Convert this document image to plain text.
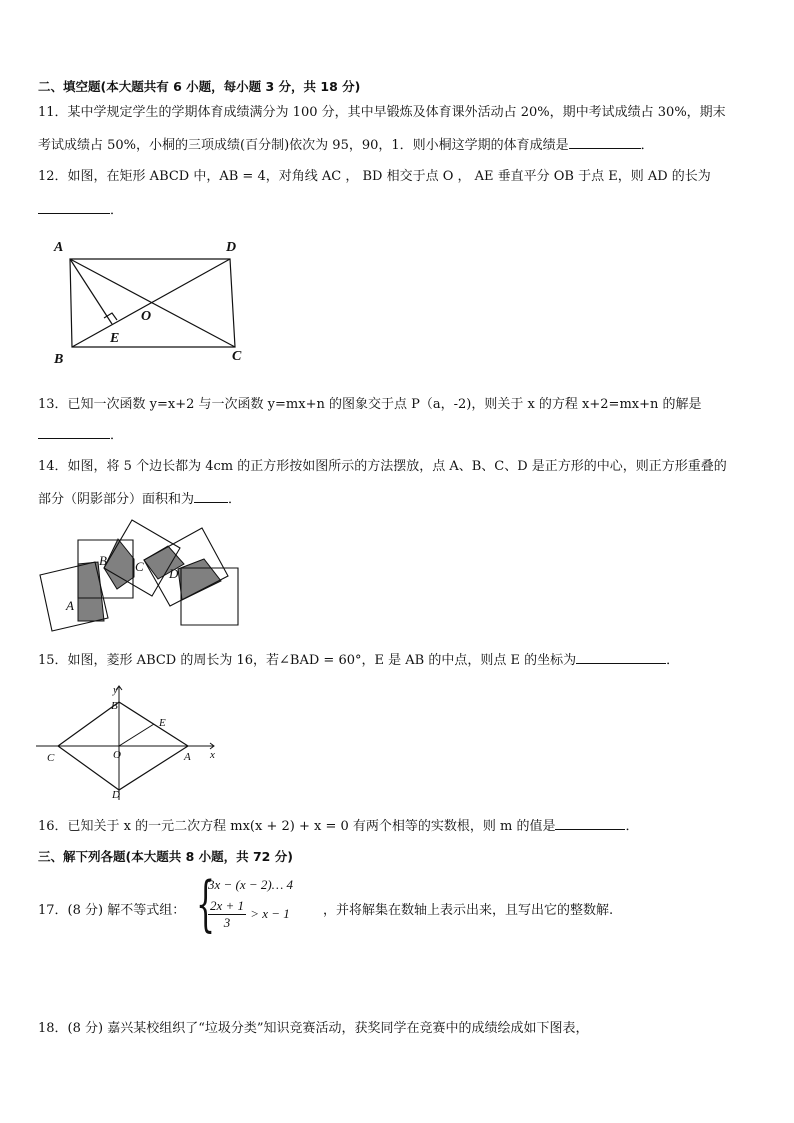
二、填空题(本大题共有 6 小题，每小题 3 分，共 18 分)
11．某中学规定学生的学期体育成绩满分为 100 分，其中早锻炼及体育课外活动占 20%，期中考试成绩占 30%，期末
考试成绩占 50%，小桐的三项成绩(百分制)依次为 95，90，1．则小桐这学期的体育成绩是	．
12．如图，在矩形 ABCD 中，AB = 4，对角线 AC ， BD 相交于点 O ， AE 垂直平分 OB 于点 E，则 AD 的长为
．
A	D
B	C
O
E
13．已知一次函数 y=x+2 与一次函数 y=mx+n 的图象交于点 P（a，-2)，则关于 x 的方程 x+2=mx+n 的解是
．
14．如图，将 5 个边长都为 4cm 的正方形按如图所示的方法摆放，点 A、B、C、D 是正方形的中心，则正方形重叠的
部分（阴影部分）面积和为	．
A
B C D
15．如图，菱形 ABCD 的周长为 16，若∠BAD = 60°，E 是 AB 的中点，则点 E 的坐标为	．
y
x
B
E
C	O	A
D
16．已知关于 x 的一元二次方程 mx(x + 2) + x = 0 有两个相等的实数根，则 m 的值是	．
三、解下列各题(本大题共 8 小题，共 72 分)
17．(8 分) 解不等式组： {
3x − (x − 2)… 4
$\frac{2x + 1}{3} > x - 1$	，并将解集在数轴上表示出来，且写出它的整数解.
18．(8 分) 嘉兴某校组织了“垃圾分类”知识竞赛活动，获奖同学在竞赛中的成绩绘成如下图表，
